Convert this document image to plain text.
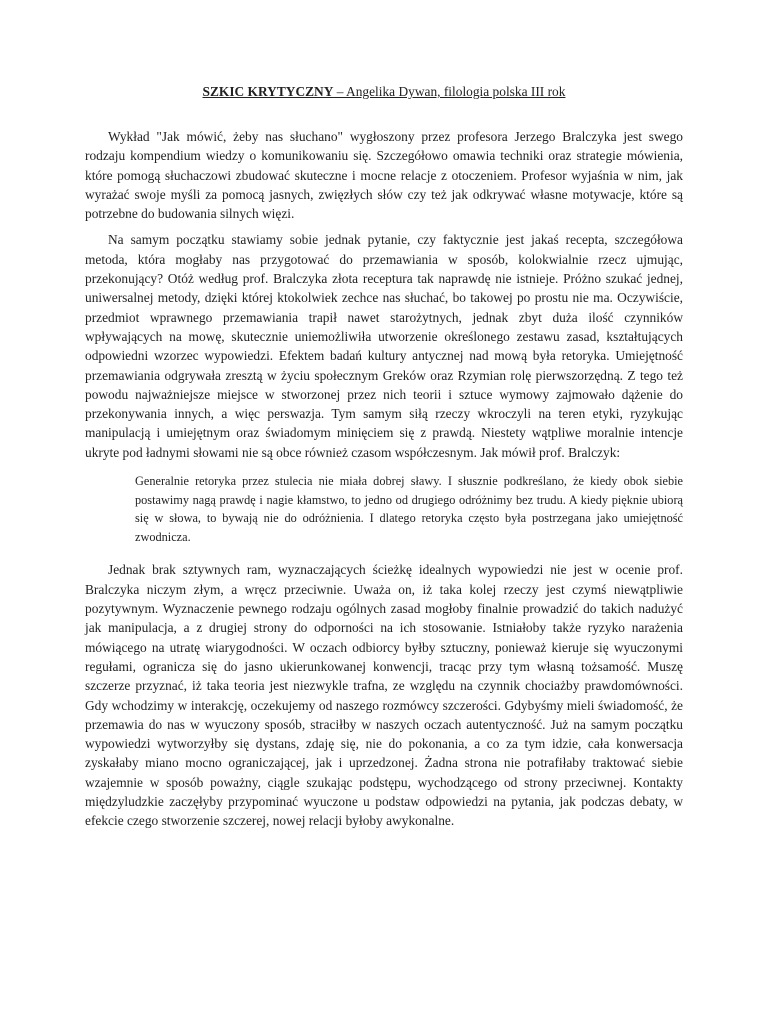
SZKIC KRYTYCZNY – Angelika Dywan, filologia polska III rok

Wykład "Jak mówić, żeby nas słuchano" wygłoszony przez profesora Jerzego Bralczyka jest swego rodzaju kompendium wiedzy o komunikowaniu się. Szczegółowo omawia techniki oraz strategie mówienia, które pomogą słuchaczowi zbudować skuteczne i mocne relacje z otoczeniem. Profesor wyjaśnia w nim, jak wyrażać swoje myśli za pomocą jasnych, zwięzłych słów czy też jak odkrywać własne motywacje, które są potrzebne do budowania silnych więzi.

Na samym początku stawiamy sobie jednak pytanie, czy faktycznie jest jakaś recepta, szczegółowa metoda, która mogłaby nas przygotować do przemawiania w sposób, kolokwialnie rzecz ujmując, przekonujący? Otóż według prof. Bralczyka złota receptura tak naprawdę nie istnieje. Próżno szukać jednej, uniwersalnej metody, dzięki której ktokolwiek zechce nas słuchać, bo takowej po prostu nie ma. Oczywiście, przedmiot wprawnego przemawiania trapił nawet starożytnych, jednak zbyt duża ilość czynników wpływających na mowę, skutecznie uniemożliwiła utworzenie określonego zestawu zasad, kształtujących odpowiedni wzorzec wypowiedzi. Efektem badań kultury antycznej nad mową była retoryka. Umiejętność przemawiania odgrywała zresztą w życiu społecznym Greków oraz Rzymian rolę pierwszorzędną. Z tego też powodu najważniejsze miejsce w stworzonej przez nich teorii i sztuce wymowy zajmowało dążenie do przekonywania innych, a więc perswazja. Tym samym siłą rzeczy wkroczyli na teren etyki, ryzykując manipulacją i umiejętnym oraz świadomym minięciem się z prawdą. Niestety wątpliwe moralnie intencje ukryte pod ładnymi słowami nie są obce również czasom współczesnym. Jak mówił prof. Bralczyk:

Generalnie retoryka przez stulecia nie miała dobrej sławy. I słusznie podkreślano, że kiedy obok siebie postawimy nagą prawdę i nagie kłamstwo, to jedno od drugiego odróżnimy bez trudu. A kiedy pięknie ubiorą się w słowa, to bywają nie do odróżnienia. I dlatego retoryka często była postrzegana jako umiejętność zwodnicza.

Jednak brak sztywnych ram, wyznaczających ścieżkę idealnych wypowiedzi nie jest w ocenie prof. Bralczyka niczym złym, a wręcz przeciwnie. Uważa on, iż taka kolej rzeczy jest czymś niewątpliwie pozytywnym. Wyznaczenie pewnego rodzaju ogólnych zasad mogłoby finalnie prowadzić do takich nadużyć jak manipulacja, a z drugiej strony do odporności na ich stosowanie. Istniałoby także ryzyko narażenia mówiącego na utratę wiarygodności. W oczach odbiorcy byłby sztuczny, ponieważ kieruje się wyuczonymi regułami, ogranicza się do jasno ukierunkowanej konwencji, tracąc przy tym własną tożsamość. Muszę szczerze przyznać, iż taka teoria jest niezwykle trafna, ze względu na czynnik chociażby prawdomówności. Gdy wchodzimy w interakcję, oczekujemy od naszego rozmówcy szczerości. Gdybyśmy mieli świadomość, że przemawia do nas w wyuczony sposób, straciłby w naszych oczach autentyczność. Już na samym początku wypowiedzi wytworzyłby się dystans, zdaję się, nie do pokonania, a co za tym idzie, cała konwersacja zyskałaby miano mocno ograniczającej, jak i uprzedzonej. Żadna strona nie potrafiłaby traktować siebie wzajemnie w sposób poważny, ciągle szukając podstępu, wychodzącego od strony przeciwnej. Kontakty międzyludzkie zaczęłyby przypominać wyuczone u podstaw odpowiedzi na pytania, jak podczas debaty, w efekcie czego stworzenie szczerej, nowej relacji byłoby awykonalne.
